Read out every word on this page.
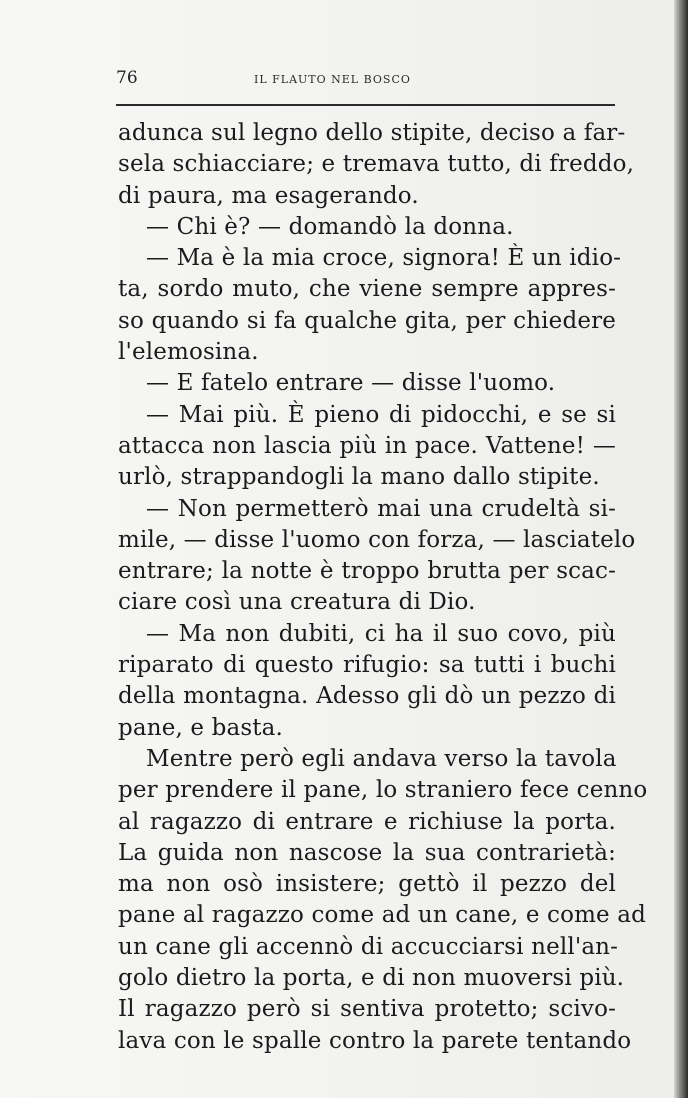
76	IL FLAUTO NEL BOSCO
adunca sul legno dello stipite, deciso a far-
sela schiacciare; e tremava tutto, di freddo,
di paura, ma esagerando.
— Chi è? — domandò la donna.
— Ma è la mia croce, signora! È un idio-
ta, sordo muto, che viene sempre appres-
so quando si fa qualche gita, per chiedere
l'elemosina.
— E fatelo entrare — disse l'uomo.
— Mai più. È pieno di pidocchi, e se si
attacca non lascia più in pace. Vattene! —
urlò, strappandogli la mano dallo stipite.
— Non permetterò mai una crudeltà si-
mile, — disse l'uomo con forza, — lasciatelo
entrare; la notte è troppo brutta per scac-
ciare così una creatura di Dio.
— Ma non dubiti, ci ha il suo covo, più
riparato di questo rifugio: sa tutti i buchi
della montagna. Adesso gli dò un pezzo di
pane, e basta.
Mentre però egli andava verso la tavola
per prendere il pane, lo straniero fece cenno
al ragazzo di entrare e richiuse la porta.
La guida non nascose la sua contrarietà:
ma non osò insistere; gettò il pezzo del
pane al ragazzo come ad un cane, e come ad
un cane gli accennò di accucciarsi nell'an-
golo dietro la porta, e di non muoversi più.
Il ragazzo però si sentiva protetto; scivo-
lava con le spalle contro la parete tentando
